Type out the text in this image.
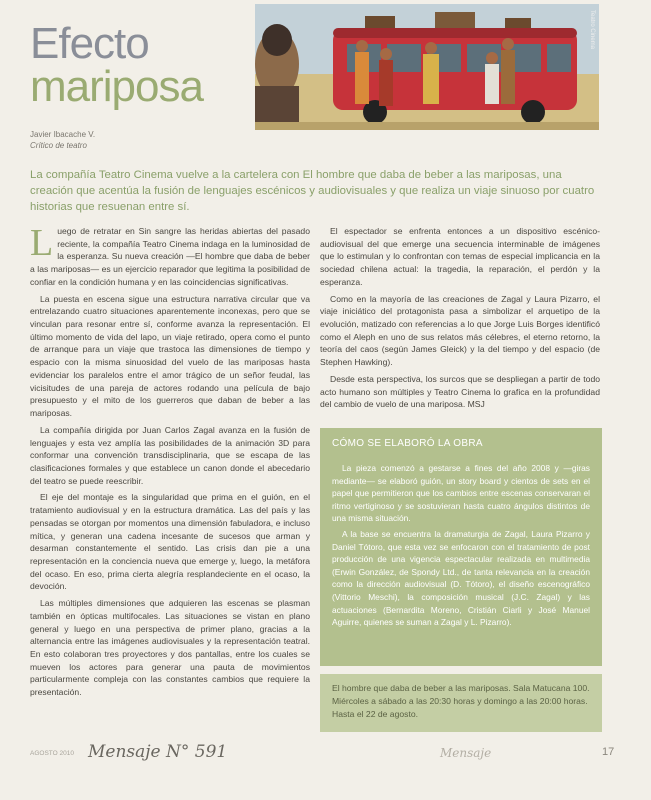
Efecto
mariposa
Teatro Cinema
Javier Ibacache V.
Crítico de teatro
La compañía Teatro Cinema vuelve a la cartelera con El hombre que daba de beber a las mariposas, una creación que acentúa la fusión de lenguajes escénicos y audiovisuales y que realiza un viaje sinuoso por cuatro historias que resuenan entre sí.

Luego de retratar en Sin sangre las heridas abiertas del pasado reciente, la compañía Teatro Cinema indaga en la luminosidad de la esperanza. Su nueva creación —El hombre que daba de beber a las mariposas— es un ejercicio reparador que legitima la posibilidad de confiar en la condición humana y en las coincidencias significativas.

La puesta en escena sigue una estructura narrativa circular que va entrelazando cuatro situaciones aparentemente inconexas, pero que se vinculan para resonar entre sí, conforme avanza la representación. El último momento de vida del lapo, un viaje retirado, opera como el punto de arranque para un viaje que trastoca las dimensiones de tiempo y espacio con la misma sinuosidad del vuelo de las mariposas hasta evidenciar los paralelos entre el amor trágico de un señor feudal, las vicisitudes de una pareja de actores rodando una película de bajo presupuesto y el mito de los guerreros que daban de beber a las mariposas.

La compañía dirigida por Juan Carlos Zagal avanza en la fusión de lenguajes y esta vez amplía las posibilidades de la animación 3D para conformar una convención transdisciplinaria, que se escapa de las clasificaciones formales y que establece un canon donde el abecedario del teatro se puede reescribir.

El eje del montaje es la singularidad que prima en el guión, en el tratamiento audiovisual y en la estructura dramática. Las del país y las pensadas se otorgan por momentos una dimensión fabuladora, e incluso mítica, y generan una cadena incesante de sucesos que arman y desarman constantemente el sentido. Las crisis dan pie a una representación en la conciencia nueva que emerge y, luego, la metáfora del ocaso. En eso, prima cierta alegría resplandeciente en el ocaso, la devoción.

Las múltiples dimensiones que adquieren las escenas se plasman también en ópticas multifocales. Las situaciones se vistan en plano general y luego en una perspectiva de primer plano, gracias a la alternancia entre las imágenes audiovisuales y la representación teatral. En esto colaboran tres proyectores y dos pantallas, entre los cuales se mueven los actores para generar una pauta de movimientos particularmente compleja con las constantes cambios que requiere la presentación.

El espectador se enfrenta entonces a un dispositivo escénico-audiovisual del que emerge una secuencia interminable de imágenes que lo estimulan y lo confrontan con temas de especial implicancia en la sociedad chilena actual: la tragedia, la reparación, el perdón y la esperanza.

Como en la mayoría de las creaciones de Zagal y Laura Pizarro, el viaje iniciático del protagonista pasa a simbolizar el arquetipo de la evolución, matizado con referencias a lo que Jorge Luis Borges identificó como el Aleph en uno de sus relatos más célebres, el eterno retorno, la teoría del caos (según James Gleick) y la del tiempo y del espacio (de Stephen Hawking).

Desde esta perspectiva, los surcos que se despliegan a partir de todo acto humano son múltiples y Teatro Cinema lo grafica en la profundidad del cambio de vuelo de una mariposa. MSJ

CÓMO SE ELABORÓ LA OBRA

La pieza comenzó a gestarse a fines del año 2008 y —giras mediante— se elaboró guión, un story board y cientos de sets en el papel que permitieron que los cambios entre escenas conservaran el ritmo vertiginoso y se sostuvieran hasta cuatro ángulos distintos de una misma situación.

A la base se encuentra la dramaturgia de Zagal, Laura Pizarro y Daniel Tótoro, que esta vez se enfocaron con el tratamiento de post producción de una vigencia espectacular realizada en multimedia (Erwin González, de Spondy Ltd., de tanta relevancia en la creación como la dirección audiovisual (D. Tótoro), el diseño escenográfico (Vittorio Meschi), la composición musical (J.C. Zagal) y las actuaciones (Bernardita Moreno, Cristián Ciarli y José Manuel Aguirre, quienes se suman a Zagal y L. Pizarro).

El hombre que daba de beber a las mariposas. Sala Matucana 100. Miércoles a sábado a las 20:30 horas y domingo a las 20:00 horas. Hasta el 22 de agosto.
AGOSTO 2010 Mensaje N° 591	Mensaje	17
